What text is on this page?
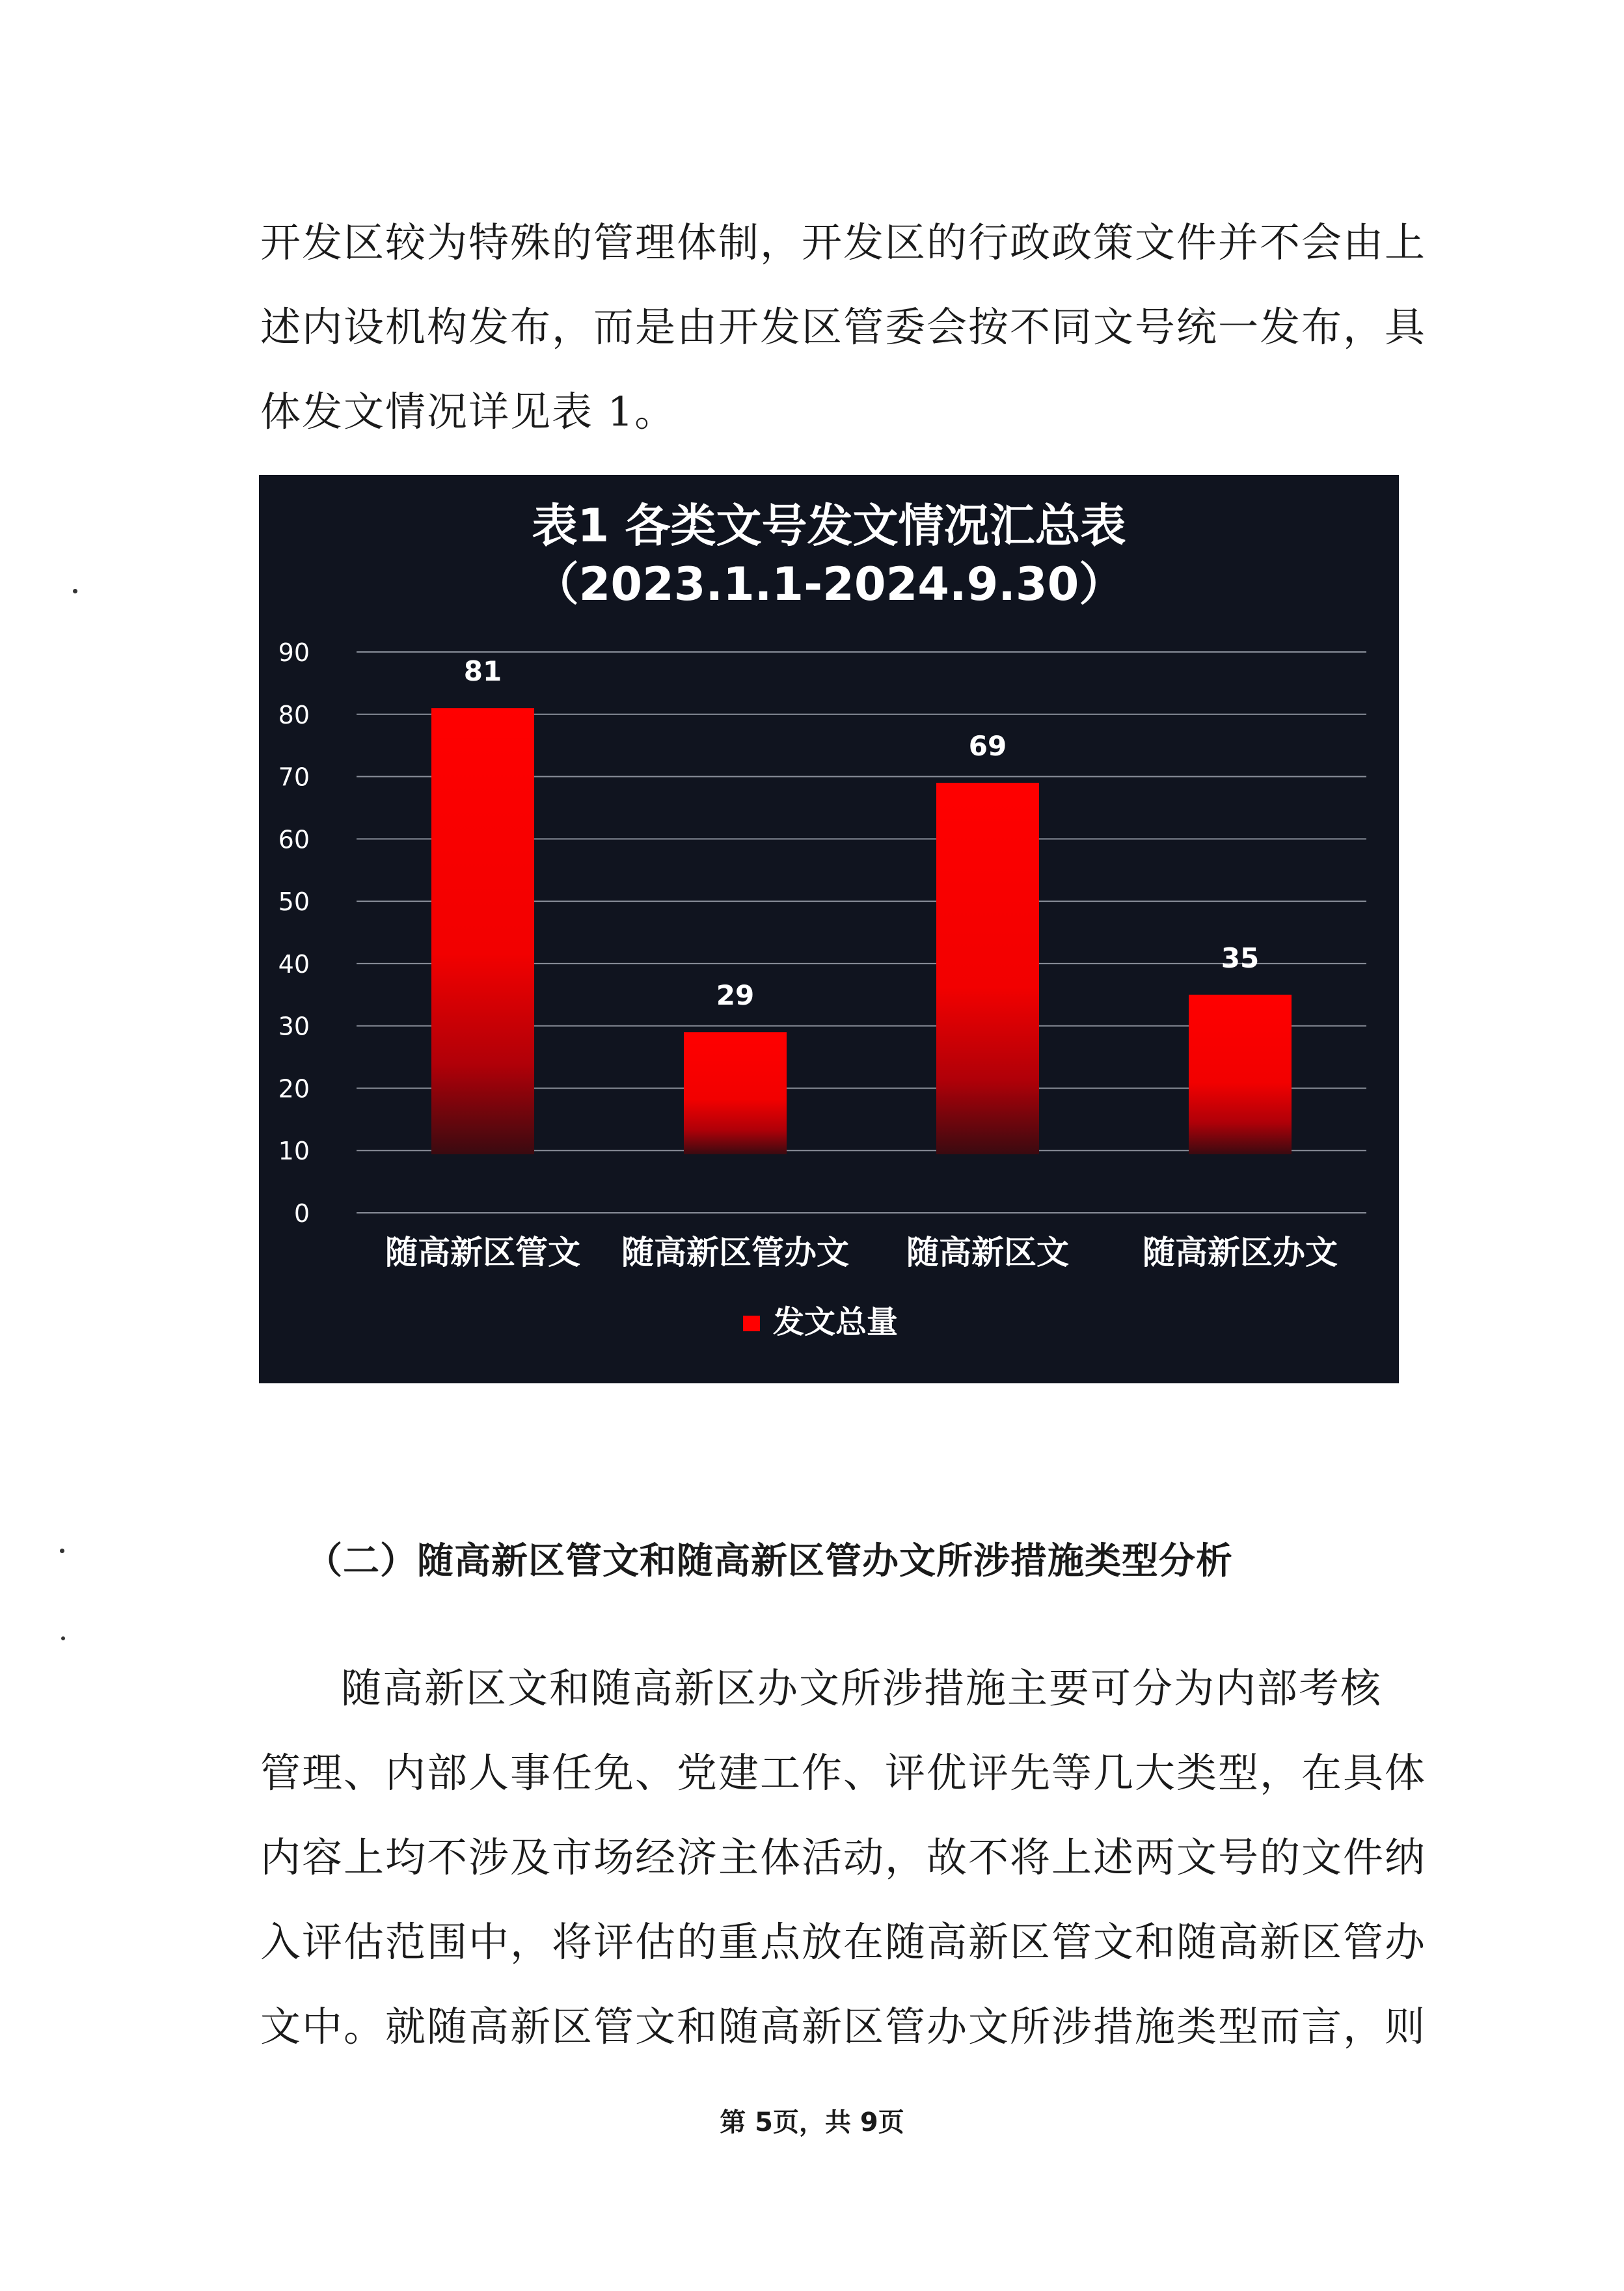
开发区较为特殊的管理体制，开发区的行政政策文件并不会由上
述内设机构发布，而是由开发区管委会按不同文号统一发布，具
体发文情况详见表 1。
表1 各类文号发文情况汇总表
（2023.1.1-2024.9.30）
0
10
20
30
40
50
60
70
80
90
81
29
69
35
随高新区管文 随高新区管办文 随高新区文 随高新区办文
发文总量
（二）随高新区管文和随高新区管办文所涉措施类型分析
随高新区文和随高新区办文所涉措施主要可分为内部考核
管理、内部人事任免、党建工作、评优评先等几大类型，在具体
内容上均不涉及市场经济主体活动，故不将上述两文号的文件纳
入评估范围中，将评估的重点放在随高新区管文和随高新区管办
文中。就随高新区管文和随高新区管办文所涉措施类型而言，则
第 5页，共 9页
